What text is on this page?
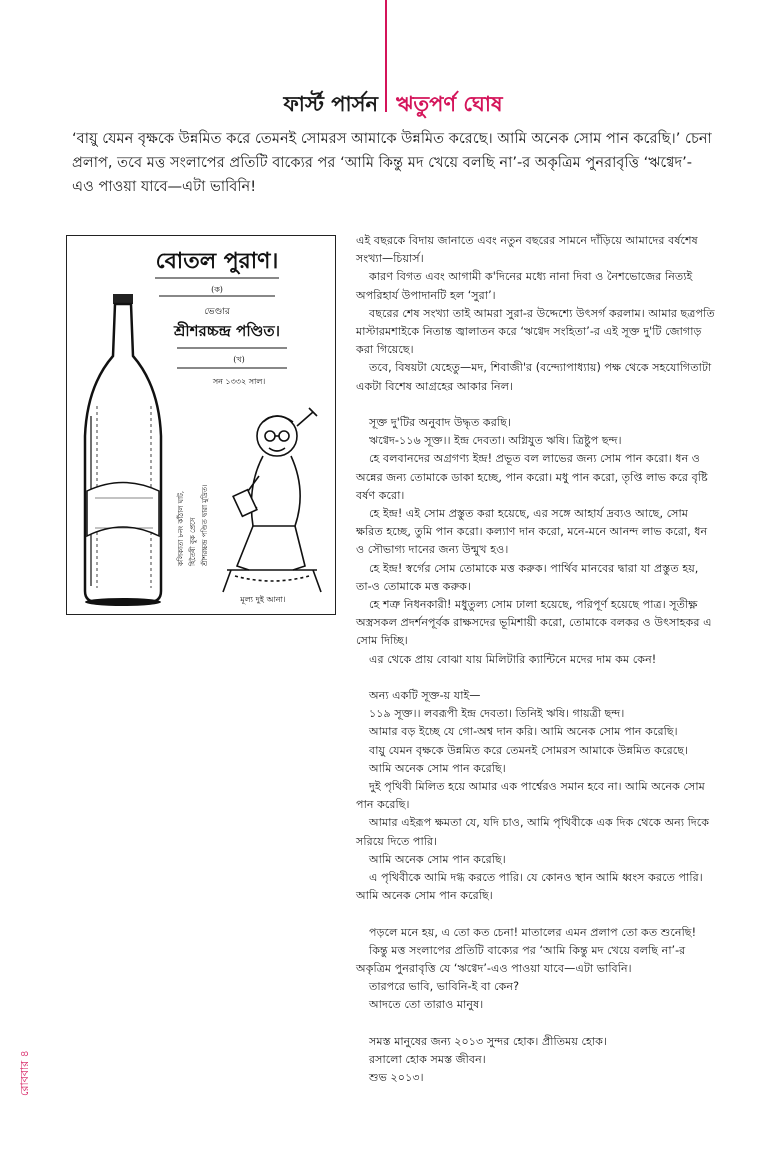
ফার্স্ট পার্সন ঋতুপর্ণ ঘোষ
‘বায়ু যেমন বৃক্ষকে উন্নমিত করে তেমনই সোমরস আমাকে উন্নমিত করেছে। আমি অনেক সোম পান করেছি।’ চেনা প্রলাপ, তবে মত্ত সংলাপের প্রতিটি বাক্যের পর ‘আমি কিন্তু মদ খেয়ে বলছি না’-র অকৃত্রিম পুনরাবৃত্তি ‘ঋগ্বেদ’-এও পাওয়া যাবে—এটা ভাবিনি!
বোতল পুরাণ।
(ক)
ভেণ্ডার
শ্রীশরচ্চন্দ্র পণ্ডিত।
(খ)
সন ১৩৩২ সাল।
কলিকাতা ৮নং কাঁঠাল ঘাট, হিতৈষী বুক প্রেসে শ্রীশরচ্চন্দ্র পণ্ডিত দ্বারা মুদ্রিত।
মূল্য দুই আনা।

এই বছরকে বিদায় জানাতে এবং নতুন বছরের সামনে দাঁড়িয়ে আমাদের বর্ষশেষ সংখ্যা—চিয়ার্স।

কারণ বিগত এবং আগামী ক'দিনের মধ্যে নানা দিবা ও নৈশভোজের নিত্যই অপরিহার্য উপাদানটি হল ‘সুরা’।

বছরের শেষ সংখ্যা তাই আমরা সুরা-র উদ্দেশ্যে উৎসর্গ করলাম। আমার ছত্রপতি মাস্টারমশাইকে নিতান্ত জ্বালাতন করে ‘ঋগ্বেদ সংহিতা’-র এই সূক্ত দু'টি জোগাড় করা গিয়েছে।

তবে, বিষয়টা যেহেতু—মদ, শিবাজী'র (বন্দ্যোপাধ্যায়) পক্ষ থেকে সহযোগিতাটা একটা বিশেষ আগ্রহের আকার নিল।

সূক্ত দু'টির অনুবাদ উদ্ধৃত করছি।

ঋগ্বেদ-১১৬ সূক্ত।। ইন্দ্র দেবতা। অগ্নিযুত ঋষি। ত্রিষ্টুপ ছন্দ।

হে বলবানদের অগ্রগণ্য ইন্দ্র! প্রভূত বল লাভের জন্য সোম পান করো। ধন ও অন্নের জন্য তোমাকে ডাকা হচ্ছে, পান করো। মধু পান করো, তৃপ্তি লাভ করে বৃষ্টি বর্ষণ করো।

হে ইন্দ্র! এই সোম প্রস্তুত করা হয়েছে, এর সঙ্গে আহার্য দ্রব্যও আছে, সোম ক্ষরিত হচ্ছে, তুমি পান করো। কল্যাণ দান করো, মনে-মনে আনন্দ লাভ করো, ধন ও সৌভাগ্য দানের জন্য উন্মুখ হও।

হে ইন্দ্র! স্বর্গের সোম তোমাকে মত্ত করুক। পার্থিব মানবের দ্বারা যা প্রস্তুত হয়, তা-ও তোমাকে মত্ত করুক।

হে শত্রু নিধনকারী! মধুতুল্য সোম ঢালা হয়েছে, পরিপূর্ণ হয়েছে পাত্র। সূতীক্ষ্ণ অস্ত্রসকল প্রদর্শনপূর্বক রাক্ষসদের ভূমিশায়ী করো, তোমাকে বলকর ও উৎসাহকর এ সোম দিচ্ছি।

এর থেকে প্রায় বোঝা যায় মিলিটারি ক্যান্টিনে মদের দাম কম কেন!

অন্য একটি সূক্ত-য় যাই—

১১৯ সূক্ত।। লবরূপী ইন্দ্র দেবতা। তিনিই ঋষি। গায়ত্রী ছন্দ।

আমার বড় ইচ্ছে যে গো-অশ্ব দান করি। আমি অনেক সোম পান করেছি।

বায়ু যেমন বৃক্ষকে উন্নমিত করে তেমনই সোমরস আমাকে উন্নমিত করেছে।

আমি অনেক সোম পান করেছি।

দুই পৃথিবী মিলিত হয়ে আমার এক পার্শ্বেরও সমান হবে না। আমি অনেক সোম পান করেছি।

আমার এইরূপ ক্ষমতা যে, যদি চাও, আমি পৃথিবীকে এক দিক থেকে অন্য দিকে সরিয়ে দিতে পারি।

আমি অনেক সোম পান করেছি।

এ পৃথিবীকে আমি দগ্ধ করতে পারি। যে কোনও স্থান আমি ধ্বংস করতে পারি। আমি অনেক সোম পান করেছি।

পড়লে মনে হয়, এ তো কত চেনা! মাতালের এমন প্রলাপ তো কত শুনেছি!

কিন্তু মত্ত সংলাপের প্রতিটি বাক্যের পর ‘আমি কিন্তু মদ খেয়ে বলছি না’-র অকৃত্রিম পুনরাবৃত্তি যে ‘ঋগ্বেদ’-এও পাওয়া যাবে—এটা ভাবিনি।

তারপরে ভাবি, ভাবিনি-ই বা কেন?

আদতে তো তারাও মানুষ।

সমস্ত মানুষের জন্য ২০১৩ সুন্দর হোক। প্রীতিময় হোক।

রসালো হোক সমস্ত জীবন।

শুভ ২০১৩।

রোববার ৪
